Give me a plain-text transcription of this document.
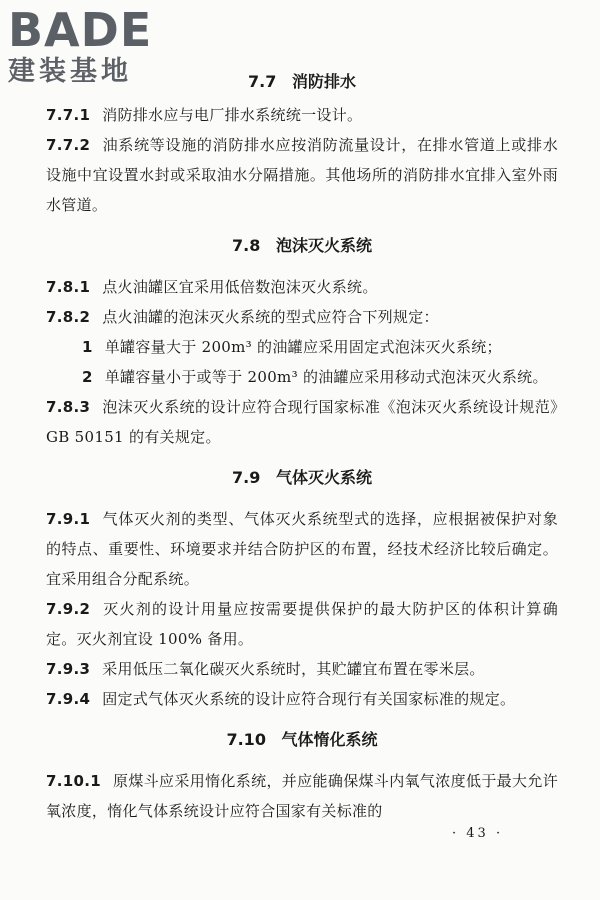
BADE
建装基地	7.7 消防排水

7.7.1 消防排水应与电厂排水系统统一设计。

7.7.2 油系统等设施的消防排水应按消防流量设计，在排水管道上或排水设施中宜设置水封或采取油水分隔措施。其他场所的消防排水宜排入室外雨水管道。

7.8 泡沫灭火系统

7.8.1 点火油罐区宜采用低倍数泡沫灭火系统。

7.8.2 点火油罐的泡沫灭火系统的型式应符合下列规定：

1 单罐容量大于 200m³ 的油罐应采用固定式泡沫灭火系统；

2 单罐容量小于或等于 200m³ 的油罐应采用移动式泡沫灭火系统。

7.8.3 泡沫灭火系统的设计应符合现行国家标准《泡沫灭火系统设计规范》GB 50151 的有关规定。

7.9 气体灭火系统

7.9.1 气体灭火剂的类型、气体灭火系统型式的选择，应根据被保护对象的特点、重要性、环境要求并结合防护区的布置，经技术经济比较后确定。宜采用组合分配系统。

7.9.2 灭火剂的设计用量应按需要提供保护的最大防护区的体积计算确定。灭火剂宜设 100% 备用。

7.9.3 采用低压二氧化碳灭火系统时，其贮罐宜布置在零米层。

7.9.4 固定式气体灭火系统的设计应符合现行有关国家标准的规定。

7.10 气体惰化系统

7.10.1 原煤斗应采用惰化系统，并应能确保煤斗内氧气浓度低于最大允许氧浓度，惰化气体系统设计应符合国家有关标准的

· 43 ·
